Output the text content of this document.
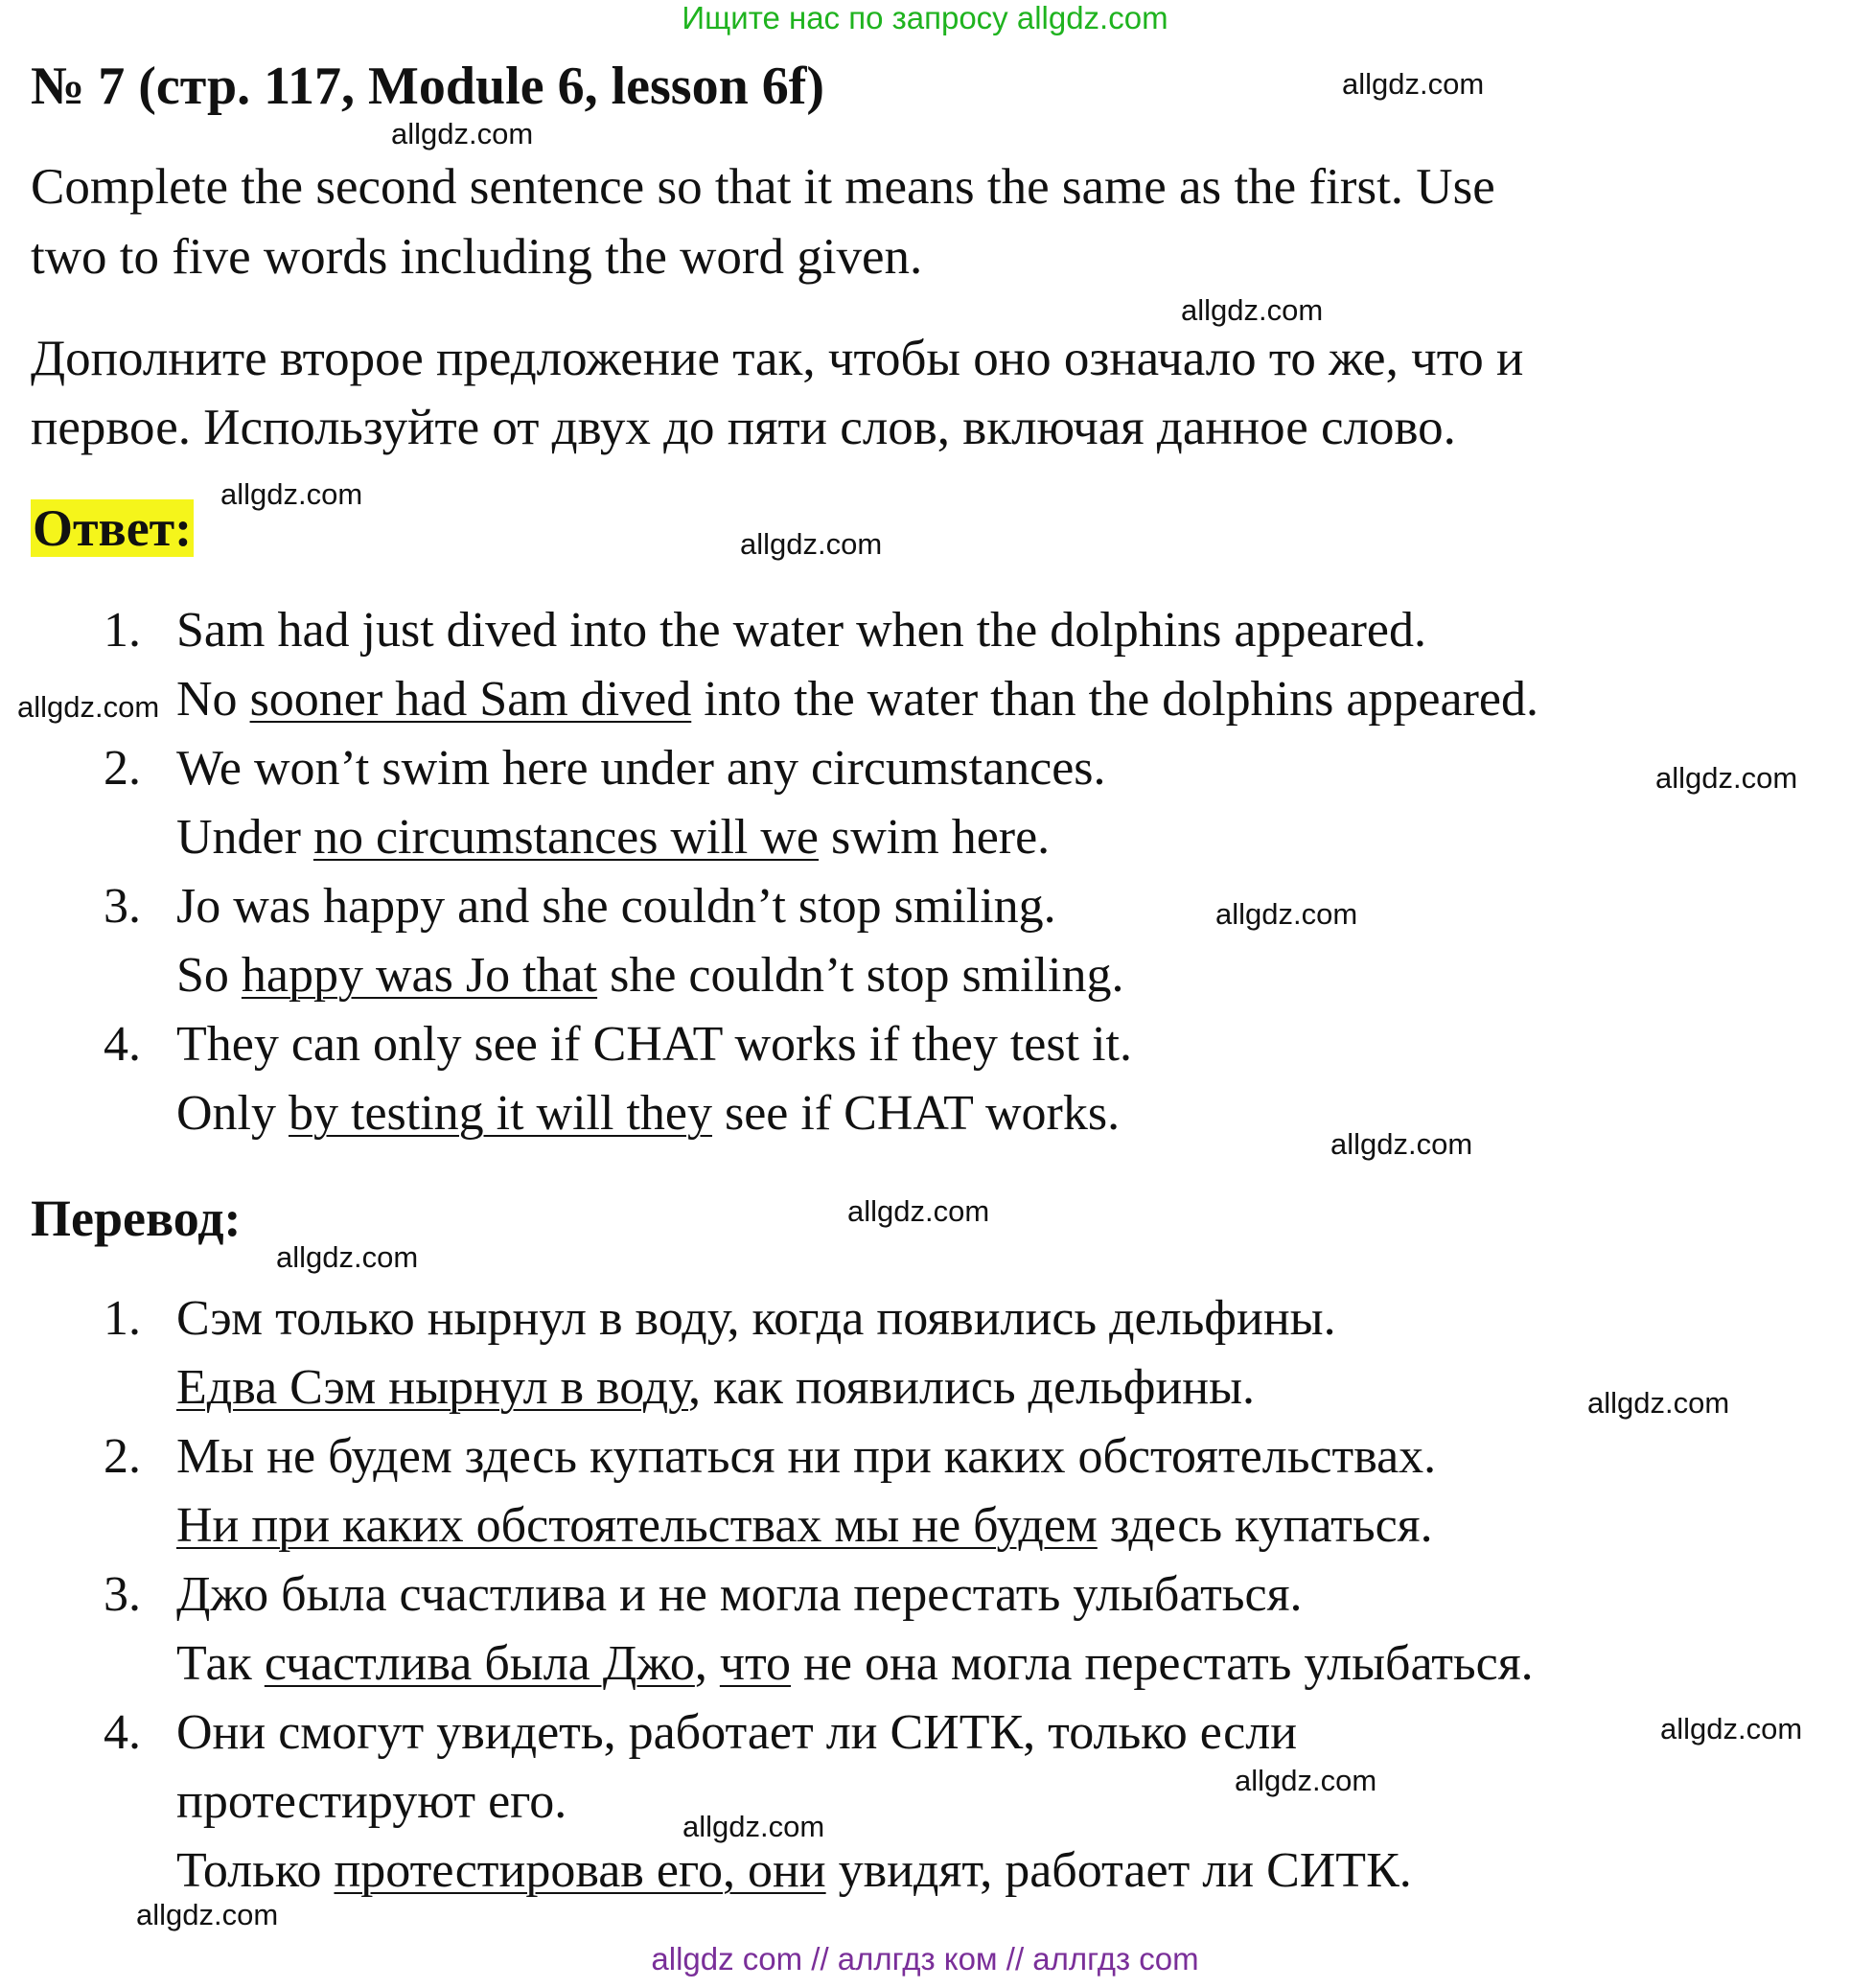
Ищите нас по запросу allgdz.com
№ 7 (стр. 117, Module 6, lesson 6f)
Complete the second sentence so that it means the same as the first. Use
two to five words including the word given.
Дополните второе предложение так, чтобы оно означало то же, что и
первое. Используйте от двух до пяти слов, включая данное слово.
Ответ:
1. Sam had just dived into the water when the dolphins appeared.
No sooner had Sam dived into the water than the dolphins appeared.
2. We won’t swim here under any circumstances.
Under no circumstances will we swim here.
3. Jo was happy and she couldn’t stop smiling.
So happy was Jo that she couldn’t stop smiling.
4. They can only see if CHAT works if they test it.
Only by testing it will they see if CHAT works.
Перевод:
1. Сэм только нырнул в воду, когда появились дельфины.
Едва Сэм нырнул в воду, как появились дельфины.
2. Мы не будем здесь купаться ни при каких обстоятельствах.
Ни при каких обстоятельствах мы не будем здесь купаться.
3. Джо была счастлива и не могла перестать улыбаться.
Так счастлива была Джо, что не она могла перестать улыбаться.
4. Они смогут увидеть, работает ли СИТК, только если
протестируют его.
Только протестировав его, они увидят, работает ли СИТК.
allgdz.com
allgdz.com
allgdz.com
allgdz.com
allgdz.com
allgdz.com
allgdz.com
allgdz.com
allgdz.com
allgdz.com
allgdz.com
allgdz.com
allgdz.com
allgdz.com
allgdz.com
allgdz.com
allgdz com // аллгдз ком // аллгдз com
